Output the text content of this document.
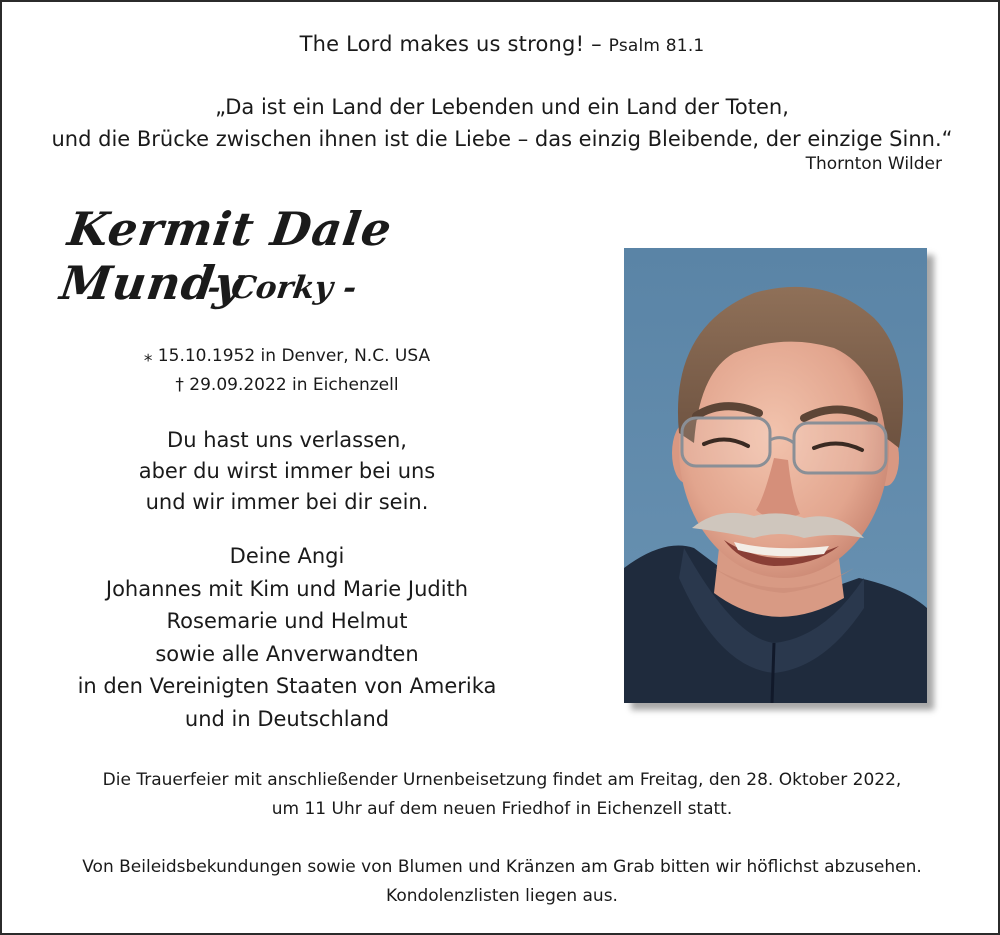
The Lord makes us strong! – Psalm 81.1
„Da ist ein Land der Lebenden und ein Land der Toten,
und die Brücke zwischen ihnen ist die Liebe – das einzig Bleibende, der einzige Sinn.“
Thornton Wilder
Kermit Dale Mundy
- Corky -
⁎ 15.10.1952 in Denver, N.C. USA
† 29.09.2022 in Eichenzell
Du hast uns verlassen,
aber du wirst immer bei uns
und wir immer bei dir sein.
Deine Angi
Johannes mit Kim und Marie Judith
Rosemarie und Helmut
sowie alle Anverwandten
in den Vereinigten Staaten von Amerika
und in Deutschland
Die Trauerfeier mit anschließender Urnenbeisetzung findet am Freitag, den 28. Oktober 2022,
um 11 Uhr auf dem neuen Friedhof in Eichenzell statt.
Von Beileidsbekundungen sowie von Blumen und Kränzen am Grab bitten wir höflichst abzusehen.
Kondolenzlisten liegen aus.
